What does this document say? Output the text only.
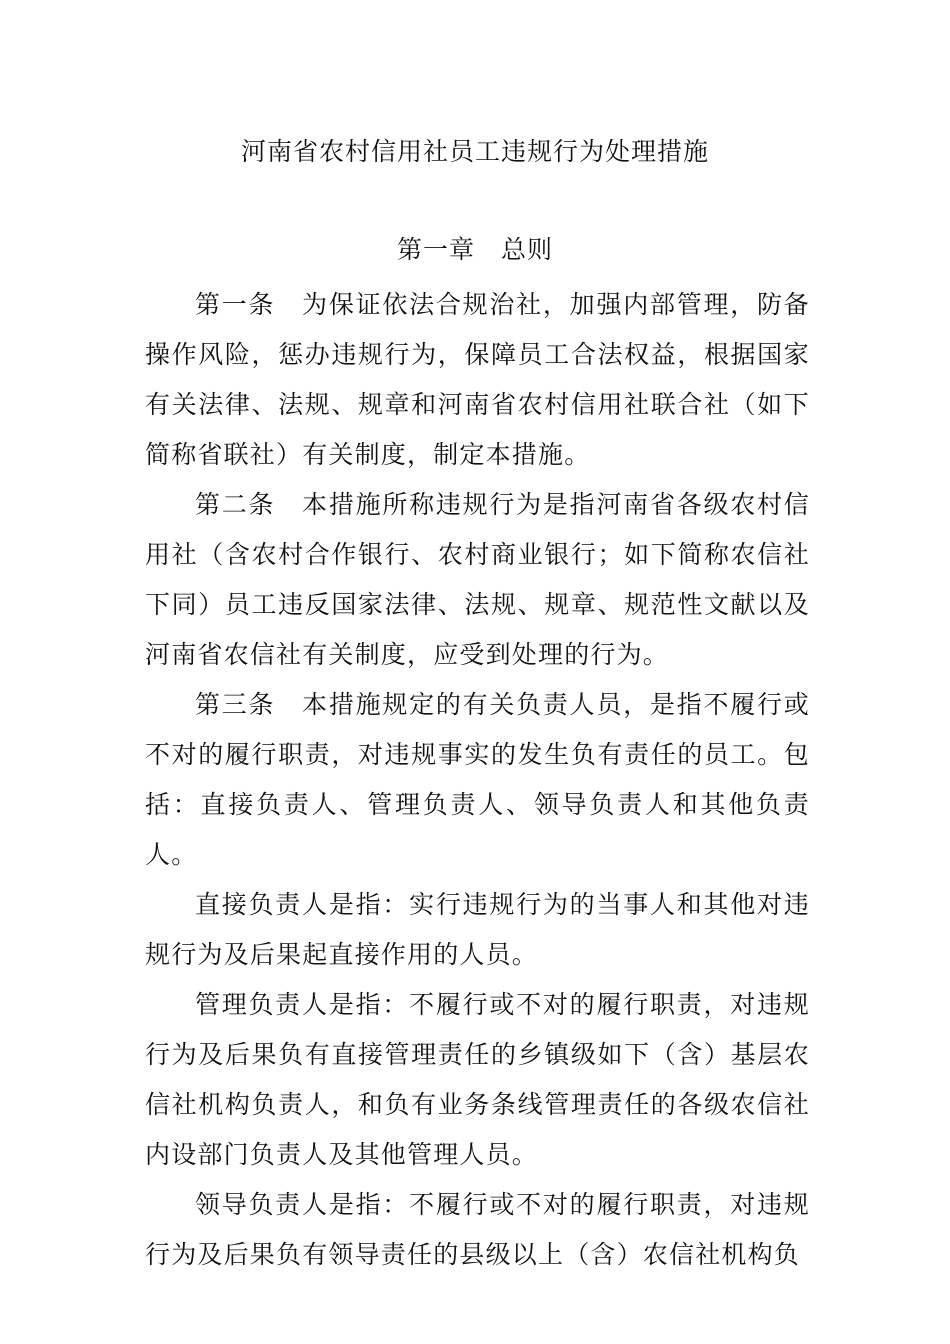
河南省农村信用社员工违规行为处理措施
第一章　总则

第一条　为保证依法合规治社，加强内部管理，防备操作风险，惩办违规行为，保障员工合法权益，根据国家有关法律、法规、规章和河南省农村信用社联合社（如下简称省联社）有关制度，制定本措施。

第二条　本措施所称违规行为是指河南省各级农村信用社（含农村合作银行、农村商业银行；如下简称农信社下同）员工违反国家法律、法规、规章、规范性文献以及河南省农信社有关制度，应受到处理的行为。

第三条　本措施规定的有关负责人员，是指不履行或不对的履行职责，对违规事实的发生负有责任的员工。包括：直接负责人、管理负责人、领导负责人和其他负责人。

直接负责人是指：实行违规行为的当事人和其他对违规行为及后果起直接作用的人员。

管理负责人是指：不履行或不对的履行职责，对违规行为及后果负有直接管理责任的乡镇级如下（含）基层农信社机构负责人，和负有业务条线管理责任的各级农信社内设部门负责人及其他管理人员。

领导负责人是指：不履行或不对的履行职责，对违规行为及后果负有领导责任的县级以上（含）农信社机构负
